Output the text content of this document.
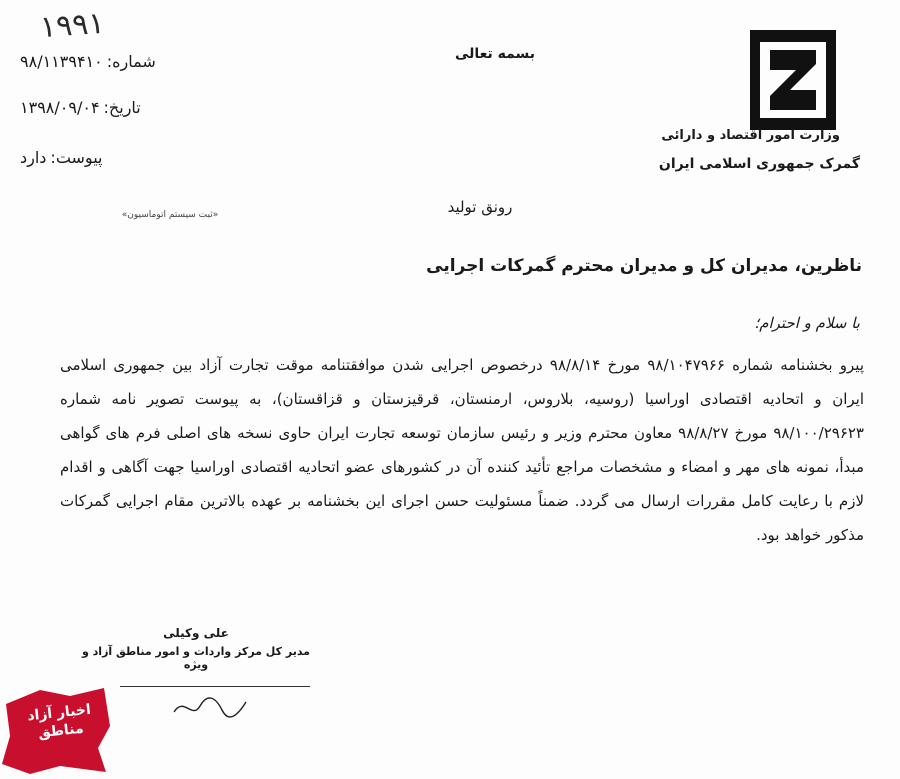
۱۹۹۱
بسمه تعالی
وزارت امور اقتصاد و دارائی
گمرک جمهوری اسلامی ایران
شماره:
۹۸/۱۱۳۹۴۱۰
تاریخ:
۱۳۹۸/۰۹/۰۴
پیوست:
دارد
«ثبت سیستم اتوماسیون»	رونق تولید
ناظرین، مدیران کل و مدیران محترم گمرکات اجرایی
با سلام و احترام؛
پیرو بخشنامه شماره ۹۸/۱۰۴۷۹۶۶ مورخ ۹۸/۸/۱۴ درخصوص اجرایی شدن موافقتنامه موقت تجارت آزاد بین جمهوری اسلامی ایران و اتحادیه اقتصادی اوراسیا (روسیه، بلاروس، ارمنستان، قرقیزستان و قزاقستان)، به پیوست تصویر نامه شماره ۹۸/۱۰۰/۲۹۶۲۳ مورخ ۹۸/۸/۲۷ معاون محترم وزیر و رئیس سازمان توسعه تجارت ایران حاوی نسخه های اصلی فرم های گواهی مبدأ، نمونه های مهر و امضاء و مشخصات مراجع تأئید کننده آن در کشورهای عضو اتحادیه اقتصادی اوراسیا جهت آگاهی و اقدام لازم با رعایت کامل مقررات ارسال می گردد. ضمناً مسئولیت حسن اجرای این بخشنامه بر عهده بالاترین مقام اجرایی گمرکات مذکور خواهد بود.
علی وکیلی
مدیر کل مرکز واردات و امور مناطق آزاد و ویژه
اخبار آزاد مناطق
